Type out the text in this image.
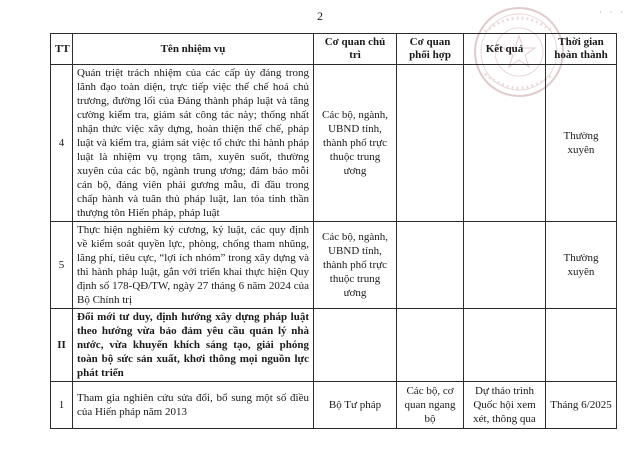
2	· · ·
TT	Tên nhiệm vụ	Cơ quan chủ trì	Cơ quan phối hợp	Kết quả	Thời gian hoàn thành
4	Quán triệt trách nhiệm của các cấp ủy đảng trong lãnh đạo toàn diện, trực tiếp việc thể chế hoá chủ trương, đường lối của Đảng thành pháp luật và tăng cường kiểm tra, giám sát công tác này; thống nhất nhận thức việc xây dựng, hoàn thiện thể chế, pháp luật và kiểm tra, giám sát việc tổ chức thi hành pháp luật là nhiệm vụ trọng tâm, xuyên suốt, thường xuyên của các bộ, ngành trung ương; đảm bảo mỗi cán bộ, đảng viên phải gương mẫu, đi đầu trong chấp hành và tuân thủ pháp luật, lan tỏa tinh thần thượng tôn Hiến pháp, pháp luật	Các bộ, ngành, UBND tỉnh, thành phố trực thuộc trung ương			Thường xuyên
5	Thực hiện nghiêm kỷ cương, kỷ luật, các quy định về kiểm soát quyền lực, phòng, chống tham nhũng, lãng phí, tiêu cực, “lợi ích nhóm” trong xây dựng và thi hành pháp luật, gắn với triển khai thực hiện Quy định số 178-QĐ/TW, ngày 27 tháng 6 năm 2024 của Bộ Chính trị	Các bộ, ngành, UBND tỉnh, thành phố trực thuộc trung ương			Thường xuyên
II	Đổi mới tư duy, định hướng xây dựng pháp luật theo hướng vừa bảo đảm yêu cầu quản lý nhà nước, vừa khuyến khích sáng tạo, giải phóng toàn bộ sức sản xuất, khơi thông mọi nguồn lực phát triển				
1	Tham gia nghiên cứu sửa đổi, bổ sung một số điều của Hiến pháp năm 2013	Bộ Tư pháp	Các bộ, cơ quan ngang bộ	Dự thảo trình Quốc hội xem xét, thông qua	Tháng 6/2025
